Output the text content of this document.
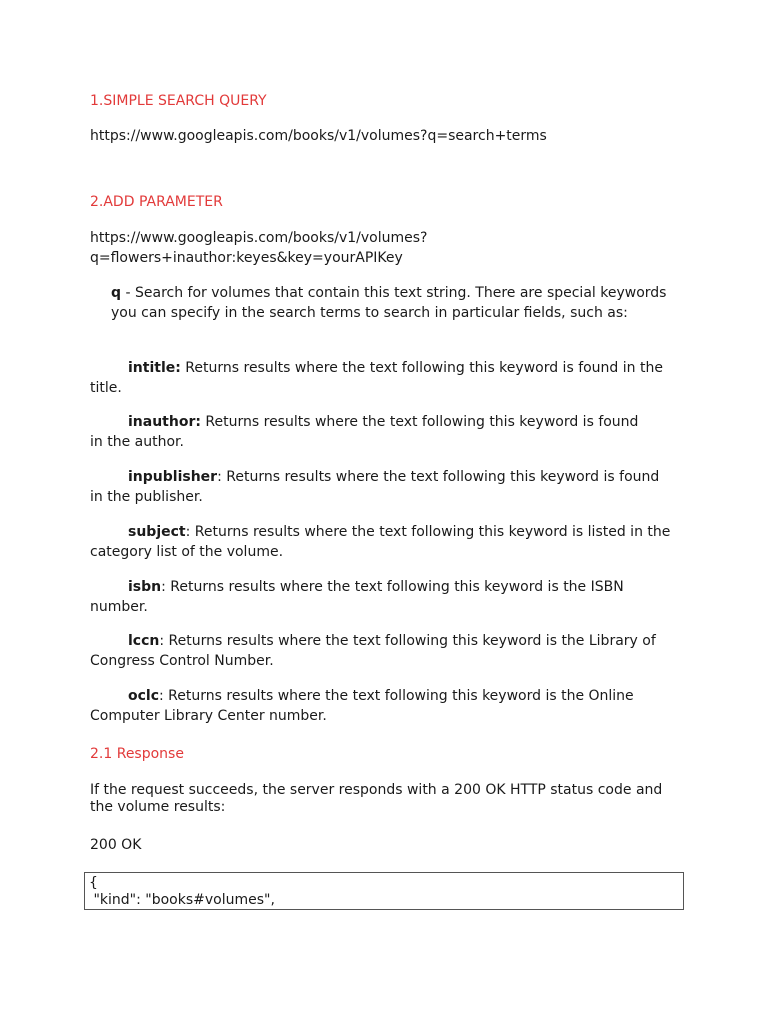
1.SIMPLE SEARCH QUERY
https://www.googleapis.com/books/v1/volumes?q=search+terms
2.ADD PARAMETER
https://www.googleapis.com/books/v1/volumes?
q=flowers+inauthor:keyes&key=yourAPIKey
q - Search for volumes that contain this text string. There are special keywords you can specify in the search terms to search in particular fields, such as:
intitle: Returns results where the text following this keyword is found in the title.
inauthor: Returns results where the text following this keyword is found in the author.
inpublisher: Returns results where the text following this keyword is found in the publisher.
subject: Returns results where the text following this keyword is listed in the category list of the volume.
isbn: Returns results where the text following this keyword is the ISBN number.
lccn: Returns results where the text following this keyword is the Library of Congress Control Number.
oclc: Returns results where the text following this keyword is the Online Computer Library Center number.
2.1 Response
If the request succeeds, the server responds with a 200 OK HTTP status code and the volume results:
200 OK
{
"kind": "books#volumes",
